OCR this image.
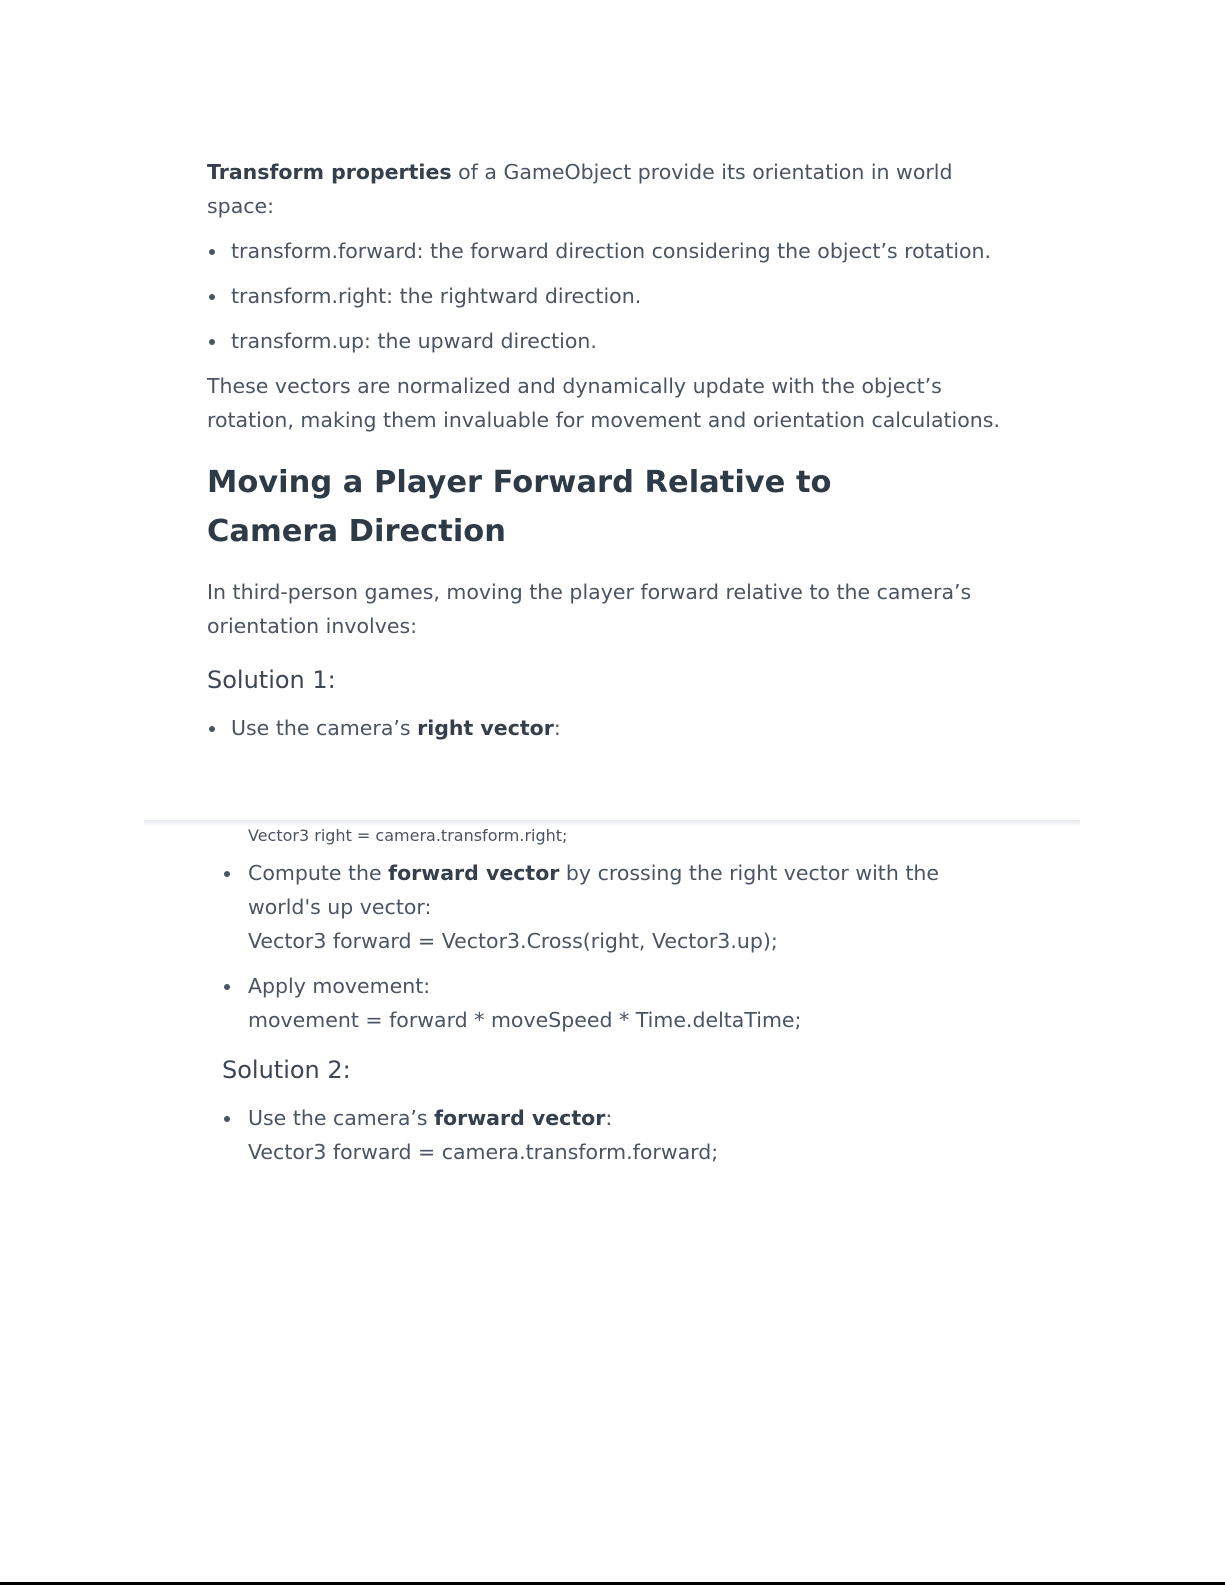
Transform properties of a GameObject provide its orientation in world space:

transform.forward: the forward direction considering the object’s rotation.
transform.right: the rightward direction.
transform.up: the upward direction.

These vectors are normalized and dynamically update with the object’s rotation, making them invaluable for movement and orientation calculations.

Moving a Player Forward Relative to Camera Direction

In third-person games, moving the player forward relative to the camera’s orientation involves:

Solution 1:
Use the camera’s right vector:
Vector3 right = camera.transform.right;
Compute the forward vector by crossing the right vector with the world's up vector:
Vector3 forward = Vector3.Cross(right, Vector3.up);
Apply movement:
movement = forward * moveSpeed * Time.deltaTime;
Solution 2:
Use the camera’s forward vector:
Vector3 forward = camera.transform.forward;
